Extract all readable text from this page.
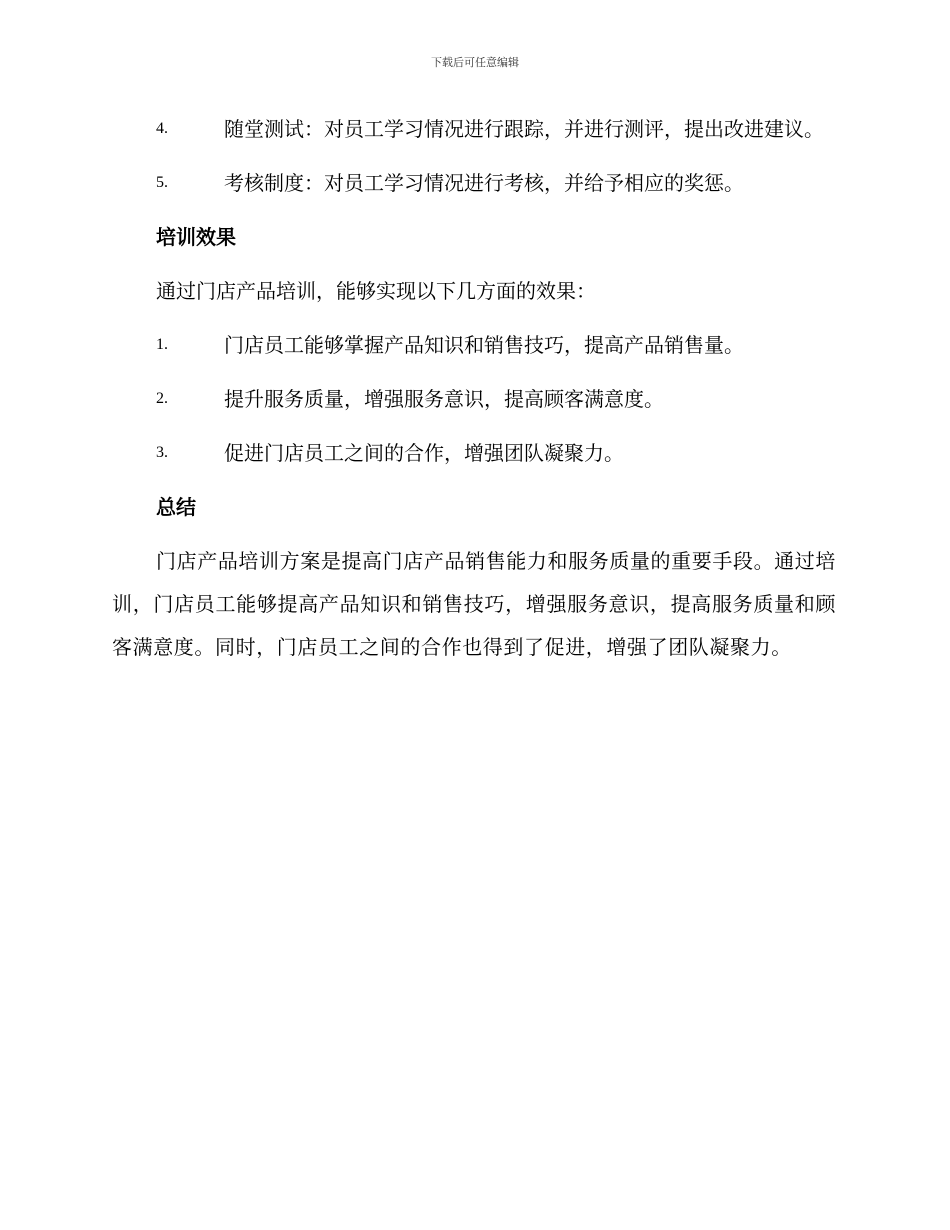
下载后可任意编辑
4.	随堂测试：对员工学习情况进行跟踪，并进行测评，提出改进建议。
5.	考核制度：对员工学习情况进行考核，并给予相应的奖惩。
培训效果
通过门店产品培训，能够实现以下几方面的效果：
1.	门店员工能够掌握产品知识和销售技巧，提高产品销售量。
2.	提升服务质量，增强服务意识，提高顾客满意度。
3.	促进门店员工之间的合作，增强团队凝聚力。
总结
门店产品培训方案是提高门店产品销售能力和服务质量的重要手段。通过培训，门店员工能够提高产品知识和销售技巧，增强服务意识，提高服务质量和顾客满意度。同时，门店员工之间的合作也得到了促进，增强了团队凝聚力。
